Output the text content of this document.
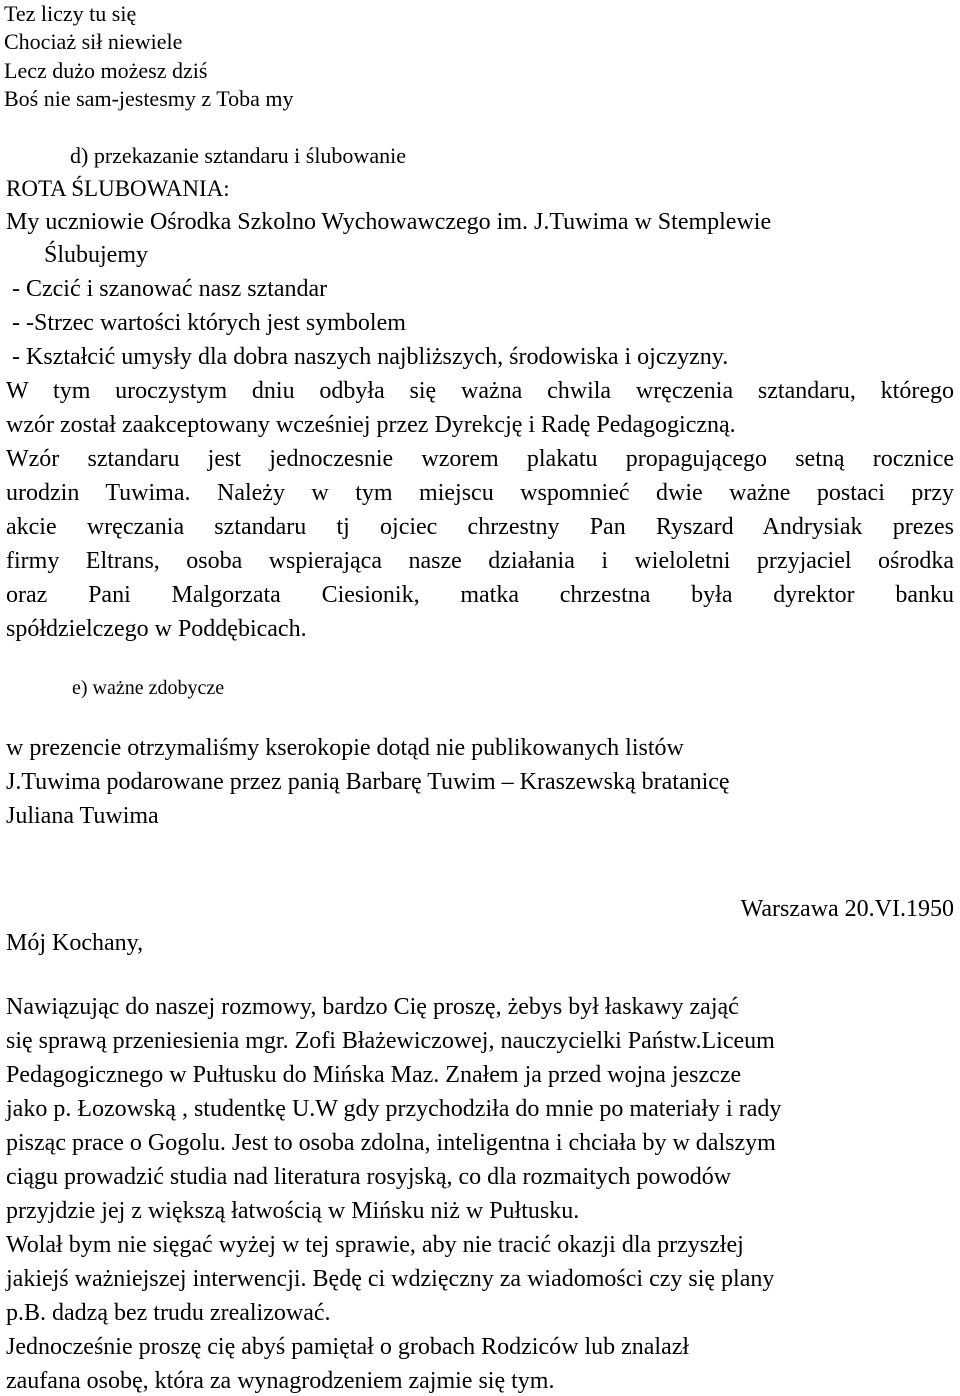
Tez liczy tu się
Chociaż sił niewiele
Lecz dużo możesz dziś
Boś nie sam-jestesmy z Toba my
d) przekazanie sztandaru i ślubowanie
ROTA ŚLUBOWANIA:
My uczniowie Ośrodka Szkolno Wychowawczego im. J.Tuwima w Stemplewie
Ślubujemy
- Czcić i szanować nasz sztandar
- -Strzec wartości których jest symbolem
- Kształcić umysły dla dobra naszych najbliższych, środowiska i ojczyzny.
W tym uroczystym dniu odbyła się ważna chwila wręczenia sztandaru, którego
wzór został zaakceptowany wcześniej przez Dyrekcję i Radę Pedagogiczną.
Wzór sztandaru jest jednoczesnie wzorem plakatu propagującego setną rocznice
urodzin Tuwima. Należy w tym miejscu wspomnieć dwie ważne postaci przy
akcie wręczania sztandaru tj ojciec chrzestny Pan Ryszard Andrysiak prezes
firmy Eltrans, osoba wspierająca nasze działania i wieloletni przyjaciel ośrodka
oraz Pani Malgorzata Ciesionik, matka chrzestna była dyrektor banku
spółdzielczego w Poddębicach.
e) ważne zdobycze
w prezencie otrzymaliśmy kserokopie dotąd nie publikowanych listów
J.Tuwima podarowane przez panią Barbarę Tuwim – Kraszewską bratanicę
Juliana Tuwima
Warszawa 20.VI.1950
Mój Kochany,
Nawiązując do naszej rozmowy, bardzo Cię proszę, żebys był łaskawy zająć
się sprawą przeniesienia mgr. Zofi Błażewiczowej, nauczycielki Państw.Liceum
Pedagogicznego w Pułtusku do Mińska Maz. Znałem ja przed wojna jeszcze
jako p. Łozowską , studentkę U.W gdy przychodziła do mnie po materiały i rady
pisząc prace o Gogolu. Jest to osoba zdolna, inteligentna i chciała by w dalszym
ciągu prowadzić studia nad literatura rosyjską, co dla rozmaitych powodów
przyjdzie jej z większą łatwością w Mińsku niż w Pułtusku.
Wolał bym nie sięgać wyżej w tej sprawie, aby nie tracić okazji dla przyszłej
jakiejś ważniejszej interwencji. Będę ci wdzięczny za wiadomości czy się plany
p.B. dadzą bez trudu zrealizować.
Jednocześnie proszę cię abyś pamiętał o grobach Rodziców lub znalazł
zaufana osobę, która za wynagrodzeniem zajmie się tym.
